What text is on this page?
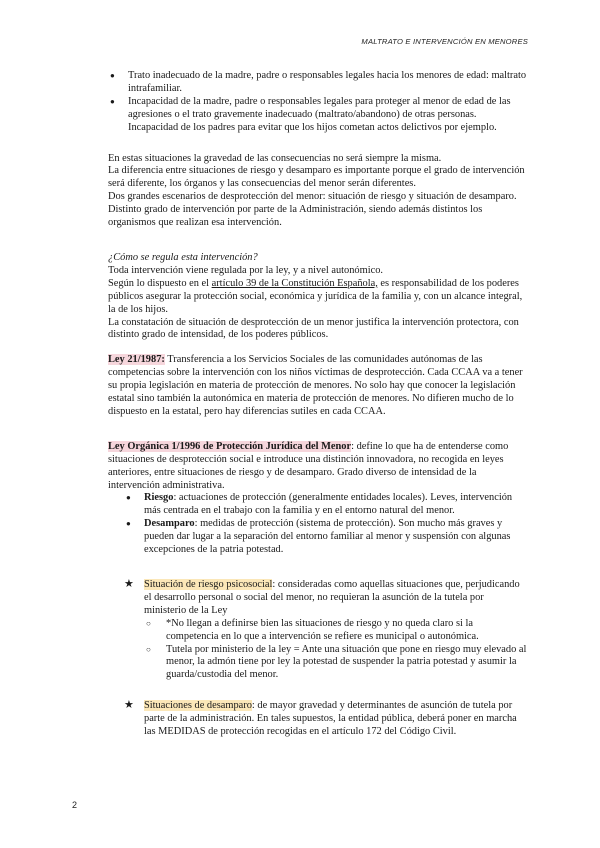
MALTRATO E INTERVENCIÓN EN MENORES
● Trato inadecuado de la madre, padre o responsables legales hacia los menores de edad: maltrato intrafamiliar.
● Incapacidad de la madre, padre o responsables legales para proteger al menor de edad de las agresiones o el trato gravemente inadecuado (maltrato/abandono) de otras personas. Incapacidad de los padres para evitar que los hijos cometan actos delictivos por ejemplo.

En estas situaciones la gravedad de las consecuencias no será siempre la misma.

La diferencia entre situaciones de riesgo y desamparo es importante porque el grado de intervención será diferente, los órganos y las consecuencias del menor serán diferentes.

Dos grandes escenarios de desprotección del menor: situación de riesgo y situación de desamparo. Distinto grado de intervención por parte de la Administración, siendo además distintos los organismos que realizan esa intervención.

¿Cómo se regula esta intervención?

Toda intervención viene regulada por la ley, y a nivel autonómico.

Según lo dispuesto en el artículo 39 de la Constitución Española, es responsabilidad de los poderes públicos asegurar la protección social, económica y jurídica de la familia y, con un alcance integral, la de los hijos.

La constatación de situación de desprotección de un menor justifica la intervención protectora, con distinto grado de intensidad, de los poderes públicos.

Ley 21/1987: Transferencia a los Servicios Sociales de las comunidades autónomas de las competencias sobre la intervención con los niños víctimas de desprotección. Cada CCAA va a tener su propia legislación en materia de protección de menores. No solo hay que conocer la legislación estatal sino también la autonómica en materia de protección de menores. No difieren mucho de lo dispuesto en la estatal, pero hay diferencias sutiles en cada CCAA.

Ley Orgánica 1/1996 de Protección Jurídica del Menor: define lo que ha de entenderse como situaciones de desprotección social e introduce una distinción innovadora, no recogida en leyes anteriores, entre situaciones de riesgo y de desamparo. Grado diverso de intensidad de la intervención administrativa.

● Riesgo: actuaciones de protección (generalmente entidades locales). Leves, intervención más centrada en el trabajo con la familia y en el entorno natural del menor.
● Desamparo: medidas de protección (sistema de protección). Son mucho más graves y pueden dar lugar a la separación del entorno familiar al menor y suspensión con algunas excepciones de la patria potestad.
★ Situación de riesgo psicosocial: consideradas como aquellas situaciones que, perjudicando el desarrollo personal o social del menor, no requieran la asunción de la tutela por ministerio de la Ley

○ *No llegan a definirse bien las situaciones de riesgo y no queda claro si la competencia en lo que a intervención se refiere es municipal o autonómica.
○ Tutela por ministerio de la ley = Ante una situación que pone en riesgo muy elevado al menor, la admón tiene por ley la potestad de suspender la patria potestad y asumir la guarda/custodia del menor.
★ Situaciones de desamparo: de mayor gravedad y determinantes de asunción de tutela por parte de la administración. En tales supuestos, la entidad pública, deberá poner en marcha las MEDIDAS de protección recogidas en el artículo 172 del Código Civil.

2
